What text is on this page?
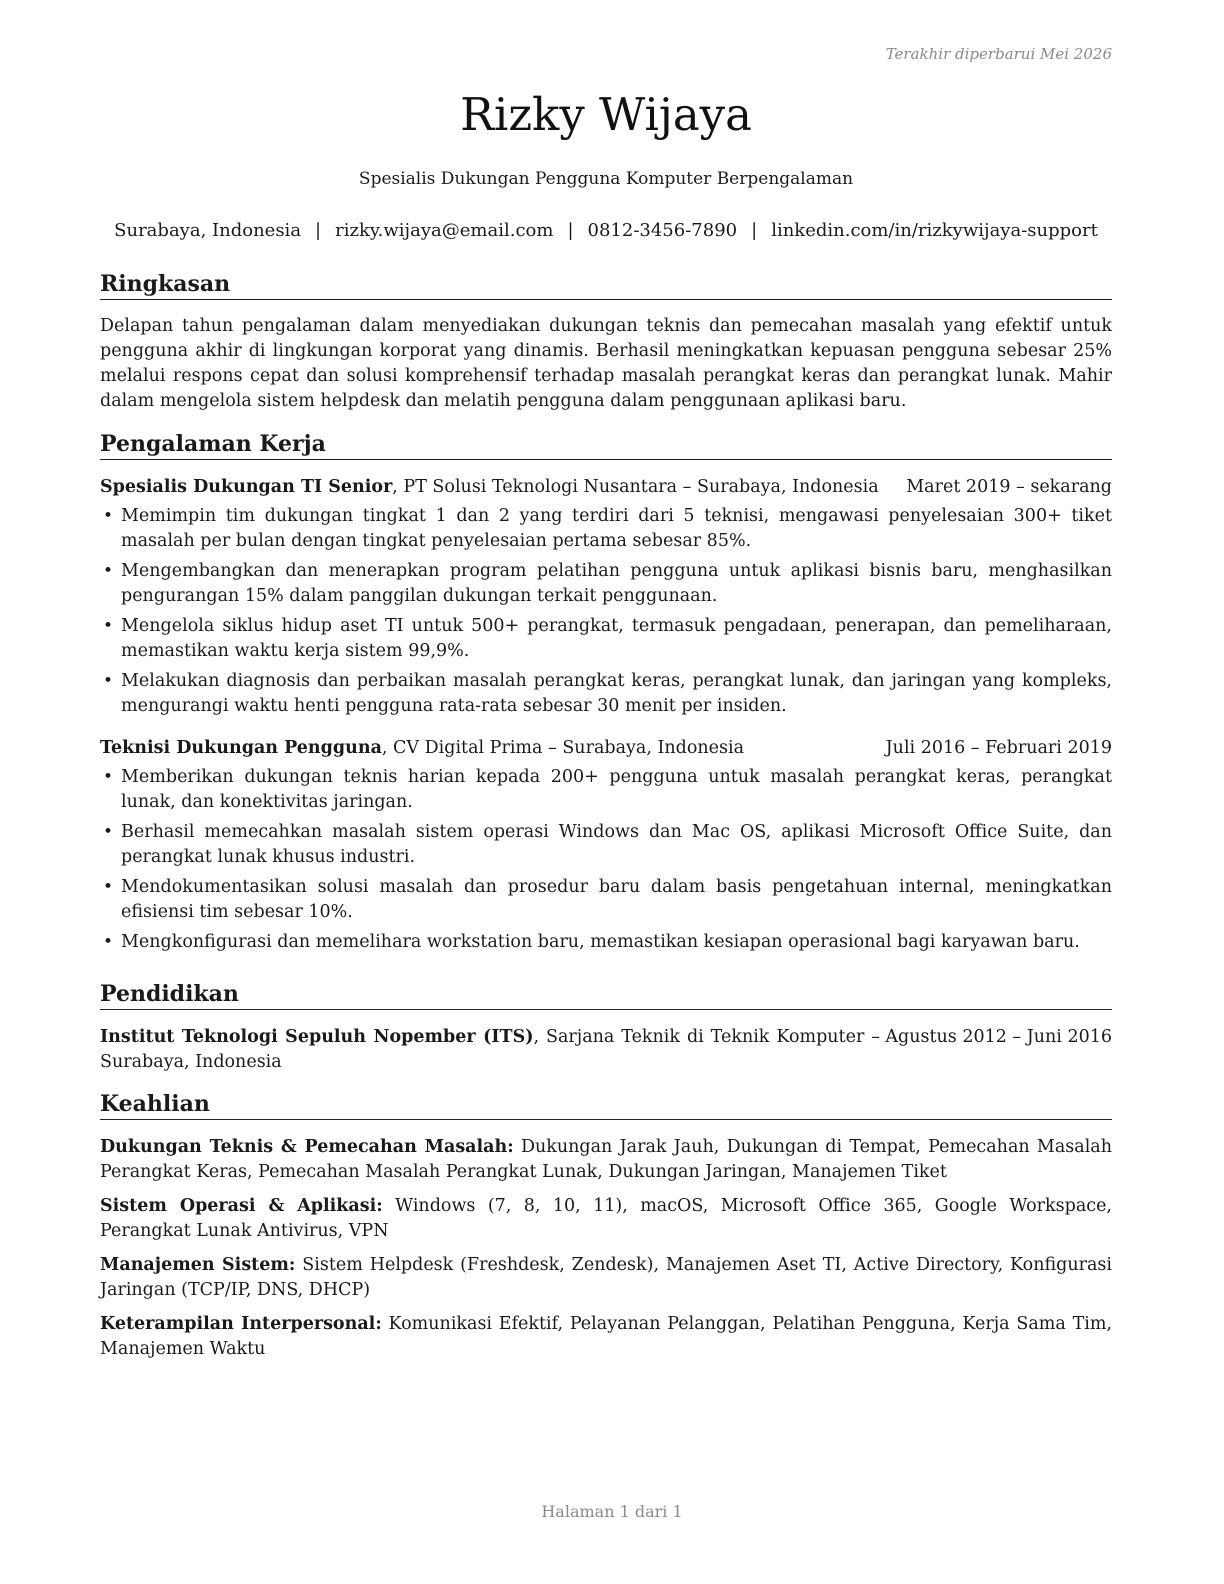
Terakhir diperbarui Mei 2026
Rizky Wijaya
Spesialis Dukungan Pengguna Komputer Berpengalaman
Surabaya, Indonesia | rizky.wijaya@email.com | 0812-3456-7890 | linkedin.com/in/rizkywijaya-support
Ringkasan

Delapan tahun pengalaman dalam menyediakan dukungan teknis dan pemecahan masalah yang efektif untuk pengguna akhir di lingkungan korporat yang dinamis. Berhasil meningkatkan kepuasan pengguna sebesar 25% melalui respons cepat dan solusi komprehensif terhadap masalah perangkat keras dan perangkat lunak. Mahir dalam mengelola sistem helpdesk dan melatih pengguna dalam penggunaan aplikasi baru.

Pengalaman Kerja
Spesialis Dukungan TI Senior, PT Solusi Teknologi Nusantara – Surabaya, Indonesia Maret 2019 – sekarang
• Memimpin tim dukungan tingkat 1 dan 2 yang terdiri dari 5 teknisi, mengawasi penyelesaian 300+ tiket masalah per bulan dengan tingkat penyelesaian pertama sebesar 85%.
• Mengembangkan dan menerapkan program pelatihan pengguna untuk aplikasi bisnis baru, menghasilkan pengurangan 15% dalam panggilan dukungan terkait penggunaan.
• Mengelola siklus hidup aset TI untuk 500+ perangkat, termasuk pengadaan, penerapan, dan pemeliharaan, memastikan waktu kerja sistem 99,9%.
• Melakukan diagnosis dan perbaikan masalah perangkat keras, perangkat lunak, dan jaringan yang kompleks, mengurangi waktu henti pengguna rata-rata sebesar 30 menit per insiden.
Teknisi Dukungan Pengguna, CV Digital Prima – Surabaya, Indonesia	Juli 2016 – Februari 2019
• Memberikan dukungan teknis harian kepada 200+ pengguna untuk masalah perangkat keras, perangkat lunak, dan konektivitas jaringan.
• Berhasil memecahkan masalah sistem operasi Windows dan Mac OS, aplikasi Microsoft Office Suite, dan perangkat lunak khusus industri.
• Mendokumentasikan solusi masalah dan prosedur baru dalam basis pengetahuan internal, meningkatkan efisiensi tim sebesar 10%.
• Mengkonfigurasi dan memelihara workstation baru, memastikan kesiapan operasional bagi karyawan baru.
Pendidikan
Institut Teknologi Sepuluh Nopember (ITS), Sarjana Teknik di Teknik Komputer – Surabaya, Indonesia
Agustus 2012 – Juni 2016
Keahlian

Dukungan Teknis & Pemecahan Masalah: Dukungan Jarak Jauh, Dukungan di Tempat, Pemecahan Masalah Perangkat Keras, Pemecahan Masalah Perangkat Lunak, Dukungan Jaringan, Manajemen Tiket

Sistem Operasi & Aplikasi: Windows (7, 8, 10, 11), macOS, Microsoft Office 365, Google Workspace, Perangkat Lunak Antivirus, VPN

Manajemen Sistem: Sistem Helpdesk (Freshdesk, Zendesk), Manajemen Aset TI, Active Directory, Konfigurasi Jaringan (TCP/IP, DNS, DHCP)

Keterampilan Interpersonal: Komunikasi Efektif, Pelayanan Pelanggan, Pelatihan Pengguna, Kerja Sama Tim, Manajemen Waktu

Halaman 1 dari 1
